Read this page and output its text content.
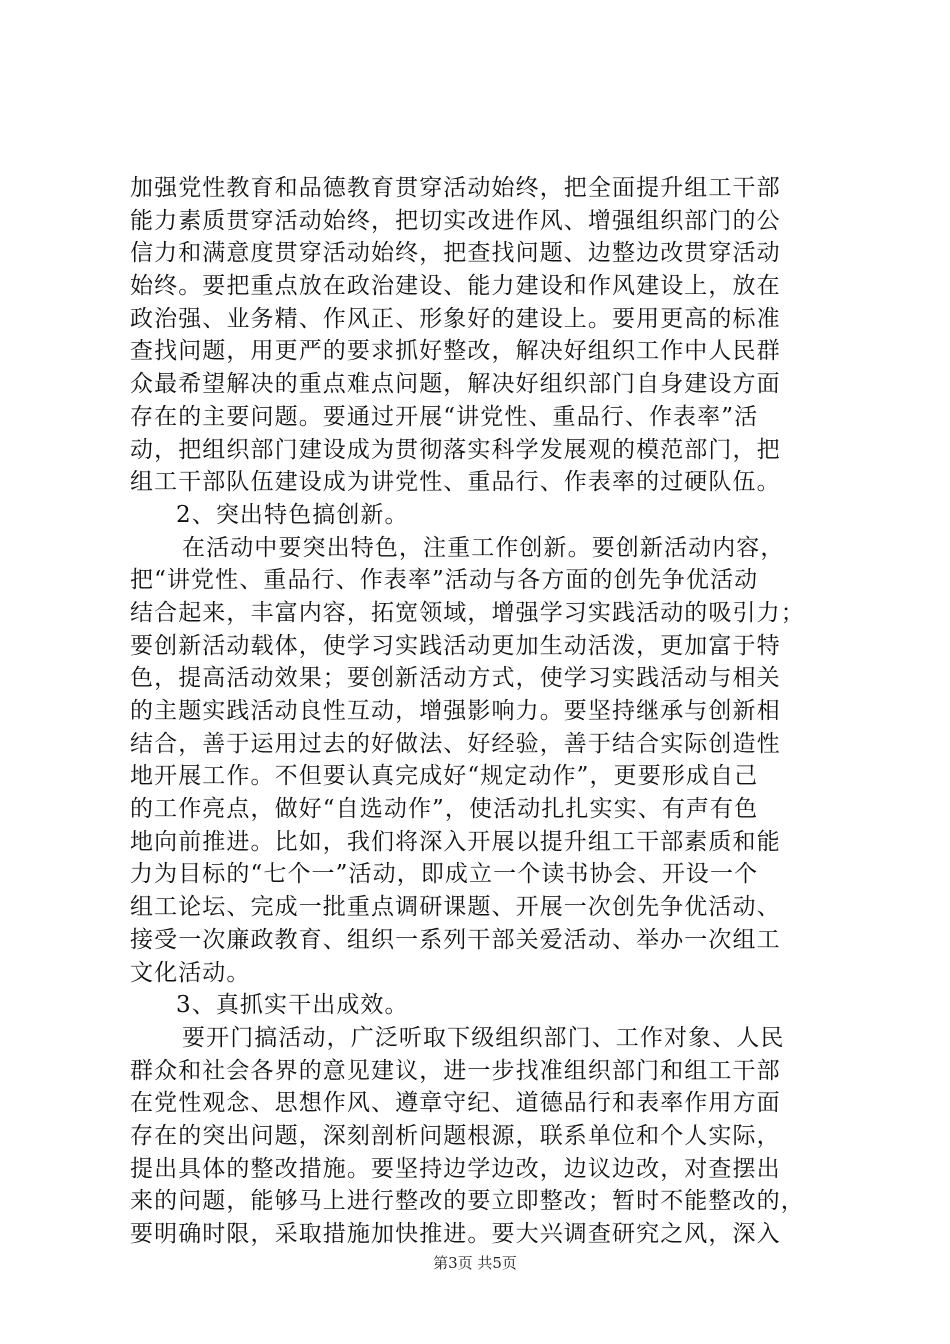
加强党性教育和品德教育贯穿活动始终，把全面提升组工干部
能力素质贯穿活动始终，把切实改进作风、增强组织部门的公
信力和满意度贯穿活动始终，把查找问题、边整边改贯穿活动
始终。要把重点放在政治建设、能力建设和作风建设上，放在
政治强、业务精、作风正、形象好的建设上。要用更高的标准
查找问题，用更严的要求抓好整改，解决好组织工作中人民群
众最希望解决的重点难点问题，解决好组织部门自身建设方面
存在的主要问题。要通过开展“讲党性、重品行、作表率”活
动，把组织部门建设成为贯彻落实科学发展观的模范部门，把
组工干部队伍建设成为讲党性、重品行、作表率的过硬队伍。
2、突出特色搞创新。
在活动中要突出特色，注重工作创新。要创新活动内容，
把“讲党性、重品行、作表率”活动与各方面的创先争优活动
结合起来，丰富内容，拓宽领域，增强学习实践活动的吸引力；
要创新活动载体，使学习实践活动更加生动活泼，更加富于特
色，提高活动效果；要创新活动方式，使学习实践活动与相关
的主题实践活动良性互动，增强影响力。要坚持继承与创新相
结合，善于运用过去的好做法、好经验，善于结合实际创造性
地开展工作。不但要认真完成好“规定动作”，更要形成自己
的工作亮点，做好“自选动作”，使活动扎扎实实、有声有色
地向前推进。比如，我们将深入开展以提升组工干部素质和能
力为目标的“七个一”活动，即成立一个读书协会、开设一个
组工论坛、完成一批重点调研课题、开展一次创先争优活动、
接受一次廉政教育、组织一系列干部关爱活动、举办一次组工
文化活动。
3、真抓实干出成效。
要开门搞活动，广泛听取下级组织部门、工作对象、人民
群众和社会各界的意见建议，进一步找准组织部门和组工干部
在党性观念、思想作风、遵章守纪、道德品行和表率作用方面
存在的突出问题，深刻剖析问题根源，联系单位和个人实际，
提出具体的整改措施。要坚持边学边改，边议边改，对查摆出
来的问题，能够马上进行整改的要立即整改；暂时不能整改的，
要明确时限，采取措施加快推进。要大兴调查研究之风，深入
第3页 共5页
